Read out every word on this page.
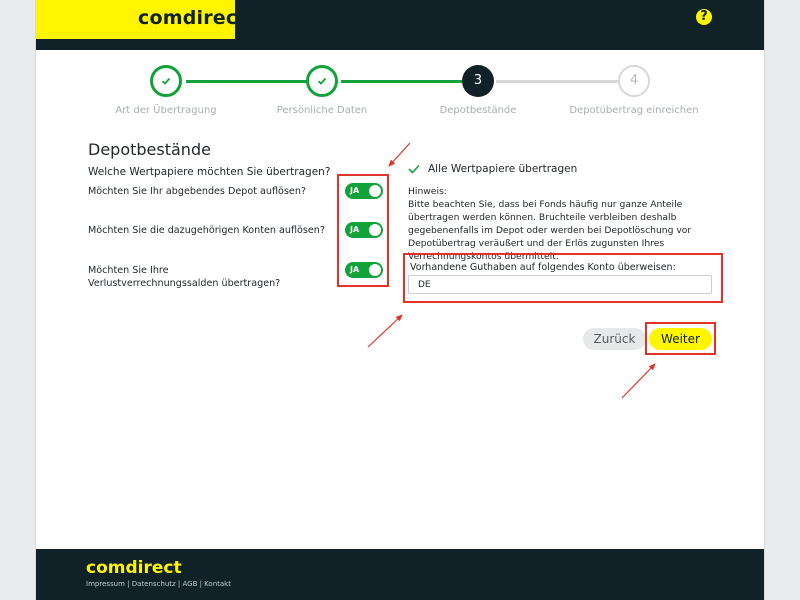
comdirect	?
3	4
Art der Übertragung	Persönliche Daten	Depotbestände	Depotübertrag einreichen
Depotbestände
Welche Wertpapiere möchten Sie übertragen?
Möchten Sie Ihr abgebendes Depot auflösen?
Möchten Sie die dazugehörigen Konten auflösen?
Möchten Sie Ihre Verlustverrechnungssalden übertragen?
JA
JA
JA
Alle Wertpapiere übertragen
Hinweis:
Bitte beachten Sie, dass bei Fonds häufig nur ganze Anteile übertragen werden können. Bruchteile verbleiben deshalb gegebenenfalls im Depot oder werden bei Depotlöschung vor Depotübertrag veräußert und der Erlös zugunsten Ihres Verrechnungskontos übermittelt.
Vorhandene Guthaben auf folgendes Konto überweisen:
DE
Zurück	Weiter
comdirect
Impressum | Datenschutz | AGB | Kontakt
